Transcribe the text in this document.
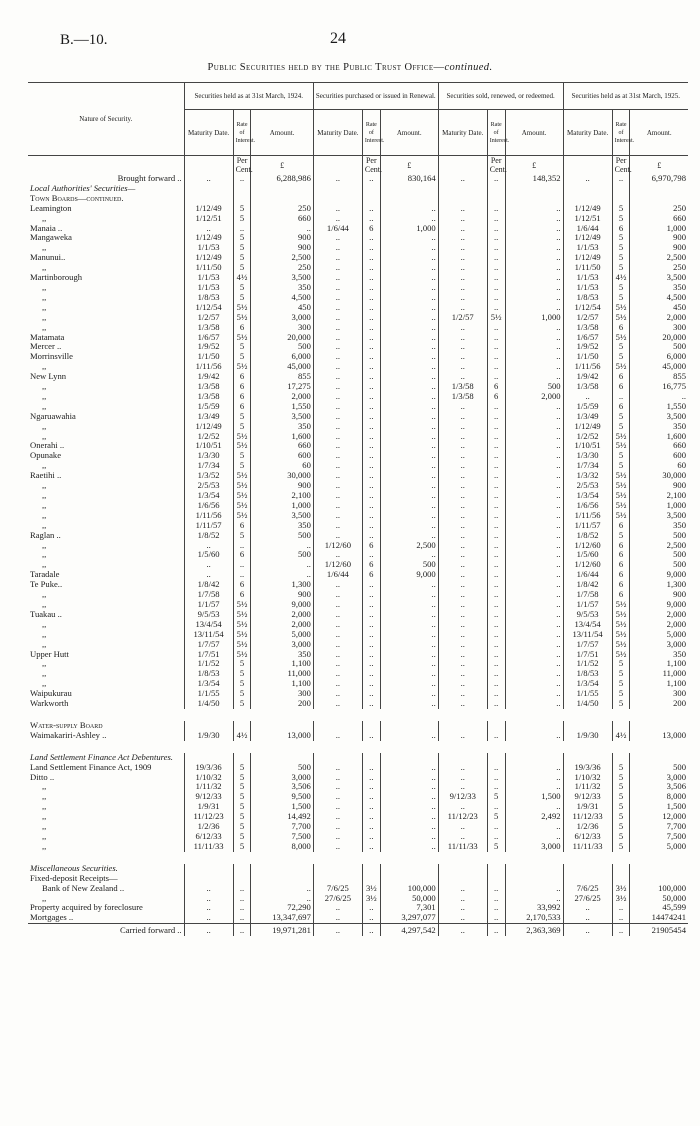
B.—10.	24
Public Securities held by the Public Trust Office—continued.
Nature of Security.	Securities held as at 31st March, 1924.			Securities purchased or issued in Renewal.			Securities sold, renewed, or redeemed.			Securities held as at 31st March, 1925.		
	Maturity Date.	Rate of Interest.	Amount.	Maturity Date.	Rate of Interest.	Amount.	Maturity Date.	Rate of Interest.	Amount.	Maturity Date.	Rate of Interest.	Amount.
		Per Cent.	£		Per Cent.	£		Per Cent.	£		Per Cent.	£
Brought forward ..	..	..	6,288,986	..	..	830,164	..	..	148,352	..	..	6,970,798
Local Authorities' Securities—												
Town Boards—continued.												
Leamington	1/12/49	5	250	..	..	..	..	..	..	1/12/49	5	250
,,	1/12/51	5	660	..	..	..	..	..	..	1/12/51	5	660
Manaia ..	..	..	..	1/6/44	6	1,000	..	..	..	1/6/44	6	1,000
Mangaweka	1/12/49	5	900	..	..	..	..	..	..	1/12/49	5	900
,,	1/1/53	5	900	..	..	..	..	..	..	1/1/53	5	900
Manunui..	1/12/49	5	2,500	..	..	..	..	..	..	1/12/49	5	2,500
,,	1/11/50	5	250	..	..	..	..	..	..	1/11/50	5	250
Martinborough	1/1/53	4½	3,500	..	..	..	..	..	..	1/1/53	4½	3,500
,,	1/1/53	5	350	..	..	..	..	..	..	1/1/53	5	350
,,	1/8/53	5	4,500	..	..	..	..	..	..	1/8/53	5	4,500
,,	1/12/54	5½	450	..	..	..	..	..	..	1/12/54	5½	450
,,	1/2/57	5½	3,000	..	..	..	1/2/57	5½	1,000	1/2/57	5½	2,000
,,	1/3/58	6	300	..	..	..	..	..	..	1/3/58	6	300
Matamata	1/6/57	5½	20,000	..	..	..	..	..	..	1/6/57	5½	20,000
Mercer ..	1/9/52	5	500	..	..	..	..	..	..	1/9/52	5	500
Morrinsville	1/1/50	5	6,000	..	..	..	..	..	..	1/1/50	5	6,000
,,	1/11/56	5½	45,000	..	..	..	..	..	..	1/11/56	5½	45,000
New Lynn	1/9/42	6	855	..	..	..	..	..	..	1/9/42	6	855
,,	1/3/58	6	17,275	..	..	..	1/3/58	6	500	1/3/58	6	16,775
,,	1/3/58	6	2,000	..	..	..	1/3/58	6	2,000	..	..	..
,,	1/5/59	6	1,550	..	..	..	..	..	..	1/5/59	6	1,550
Ngaruawahia	1/3/49	5	3,500	..	..	..	..	..	..	1/3/49	5	3,500
,,	1/12/49	5	350	..	..	..	..	..	..	1/12/49	5	350
,,	1/2/52	5½	1,600	..	..	..	..	..	..	1/2/52	5½	1,600
Onerahi ..	1/10/51	5½	660	..	..	..	..	..	..	1/10/51	5½	660
Opunake	1/3/30	5	600	..	..	..	..	..	..	1/3/30	5	600
,,	1/7/34	5	60	..	..	..	..	..	..	1/7/34	5	60
Raetihi ..	1/3/52	5½	30,000	..	..	..	..	..	..	1/3/32	5½	30,000
,,	2/5/53	5½	900	..	..	..	..	..	..	2/5/53	5½	900
,,	1/3/54	5½	2,100	..	..	..	..	..	..	1/3/54	5½	2,100
,,	1/6/56	5½	1,000	..	..	..	..	..	..	1/6/56	5½	1,000
,,	1/11/56	5½	3,500	..	..	..	..	..	..	1/11/56	5½	3,500
,,	1/11/57	6	350	..	..	..	..	..	..	1/11/57	6	350
Raglan ..	1/8/52	5	500	..	..	..	..	..	..	1/8/52	5	500
,,	..	..	..	1/12/60	6	2,500	..	..	..	1/12/60	6	2,500
,,	1/5/60	6	500	..	..	..	..	..	..	1/5/60	6	500
,,	..	..	..	1/12/60	6	500	..	..	..	1/12/60	6	500
Taradale	..	..	..	1/6/44	6	9,000	..	..	..	1/6/44	6	9,000
Te Puke..	1/8/42	6	1,300	..	..	..	..	..	..	1/8/42	6	1,300
,,	1/7/58	6	900	..	..	..	..	..	..	1/7/58	6	900
,,	1/1/57	5½	9,000	..	..	..	..	..	..	1/1/57	5½	9,000
Tuakau ..	9/5/53	5½	2,000	..	..	..	..	..	..	9/5/53	5½	2,000
,,	13/4/54	5½	2,000	..	..	..	..	..	..	13/4/54	5½	2,000
,,	13/11/54	5½	5,000	..	..	..	..	..	..	13/11/54	5½	5,000
,,	1/7/57	5½	3,000	..	..	..	..	..	..	1/7/57	5½	3,000
Upper Hutt	1/7/51	5½	350	..	..	..	..	..	..	1/7/51	5½	350
,,	1/1/52	5	1,100	..	..	..	..	..	..	1/1/52	5	1,100
,,	1/8/53	5	11,000	..	..	..	..	..	..	1/8/53	5	11,000
,,	1/3/54	5	1,100	..	..	..	..	..	..	1/3/54	5	1,100
Waipukurau	1/1/55	5	300	..	..	..	..	..	..	1/1/55	5	300
Warkworth	1/4/50	5	200	..	..	..	..	..	..	1/4/50	5	200

Water-supply Board												
Waimakariri-Ashley ..	1/9/30	4½	13,000	..	..	..	..	..	..	1/9/30	4½	13,000

Land Settlement Finance Act Debentures.												
Land Settlement Finance Act, 1909	19/3/36	5	500	..	..	..	..	..	..	19/3/36	5	500
Ditto ..	1/10/32	5	3,000	..	..	..	..	..	..	1/10/32	5	3,000
,,	1/11/32	5	3,506	..	..	..	..	..	..	1/11/32	5	3,506
,,	9/12/33	5	9,500	..	..	..	9/12/33	5	1,500	9/12/33	5	8,000
,,	1/9/31	5	1,500	..	..	..	..	..	..	1/9/31	5	1,500
,,	11/12/23	5	14,492	..	..	..	11/12/23	5	2,492	11/12/33	5	12,000
,,	1/2/36	5	7,700	..	..	..	..	..	..	1/2/36	5	7,700
,,	6/12/33	5	7,500	..	..	..	..	..	..	6/12/33	5	7,500
,,	11/11/33	5	8,000	..	..	..	11/11/33	5	3,000	11/11/33	5	5,000

Miscellaneous Securities.												
Fixed-deposit Receipts—												
Bank of New Zealand ..	..	..	..	7/6/25	3½	100,000	..	..	..	7/6/25	3½	100,000
,,	..	..	..	27/6/25	3½	50,000	..	..	..	27/6/25	3½	50,000
Property acquired by foreclosure	..	..	72,290	..	..	7,301	..	..	33,992	..	..	45,599
Mortgages ..	..	..	13,347,697	..	..	3,297,077	..	..	2,170,533	..	..	14474241
Carried forward ..	..	..	19,971,281	..	..	4,297,542	..	..	2,363,369	..	..	21905454
